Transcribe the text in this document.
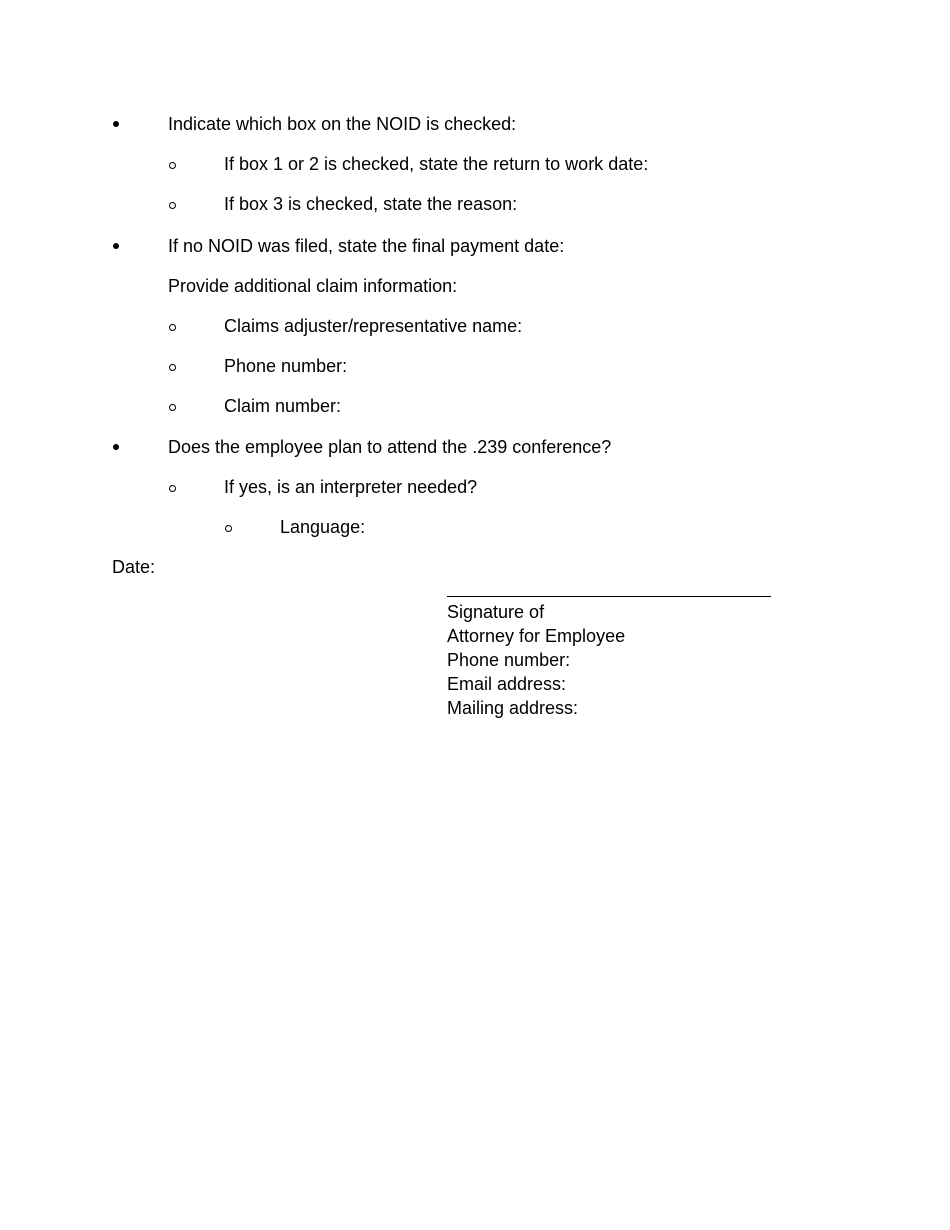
Indicate which box on the NOID is checked:
If box 1 or 2 is checked, state the return to work date:
If box 3 is checked, state the reason:
If no NOID was filed, state the final payment date:
Provide additional claim information:
Claims adjuster/representative name:
Phone number:
Claim number:
Does the employee plan to attend the .239 conference?
If yes, is an interpreter needed?
Language:
Date:
Signature of
Attorney for Employee
Phone number:
Email address:
Mailing address:
